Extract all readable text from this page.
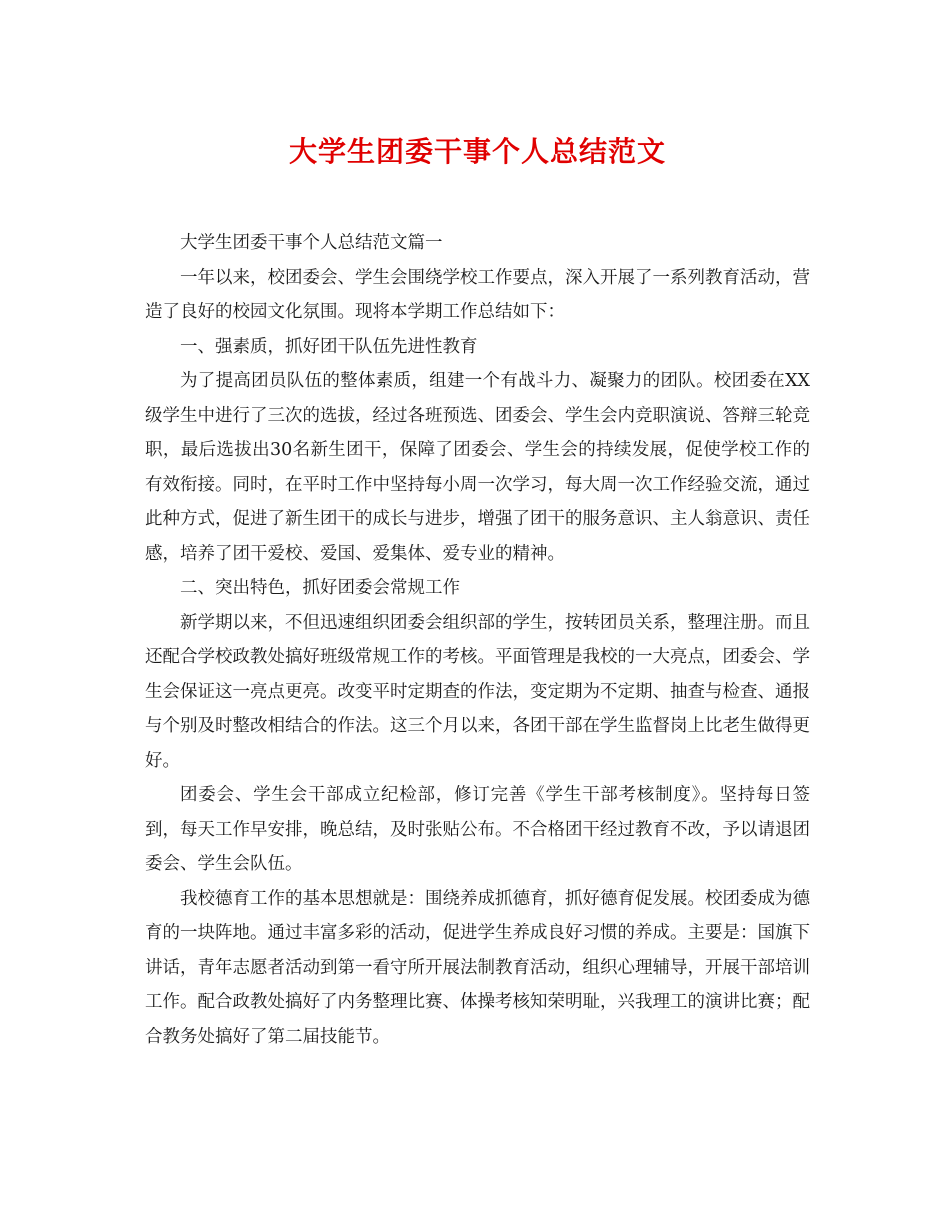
大学生团委干事个人总结范文

大学生团委干事个人总结范文篇一

一年以来，校团委会、学生会围绕学校工作要点，深入开展了一系列教育活动，营造了良好的校园文化氛围。现将本学期工作总结如下：

一、强素质，抓好团干队伍先进性教育

为了提高团员队伍的整体素质，组建一个有战斗力、凝聚力的团队。校团委在XX级学生中进行了三次的选拔，经过各班预选、团委会、学生会内竞职演说、答辩三轮竞职，最后选拔出30名新生团干，保障了团委会、学生会的持续发展，促使学校工作的有效衔接。同时，在平时工作中坚持每小周一次学习，每大周一次工作经验交流，通过此种方式，促进了新生团干的成长与进步，增强了团干的服务意识、主人翁意识、责任感，培养了团干爱校、爱国、爱集体、爱专业的精神。

二、突出特色，抓好团委会常规工作

新学期以来，不但迅速组织团委会组织部的学生，按转团员关系，整理注册。而且还配合学校政教处搞好班级常规工作的考核。平面管理是我校的一大亮点，团委会、学生会保证这一亮点更亮。改变平时定期查的作法，变定期为不定期、抽查与检查、通报与个别及时整改相结合的作法。这三个月以来，各团干部在学生监督岗上比老生做得更好。

团委会、学生会干部成立纪检部，修订完善《学生干部考核制度》。坚持每日签到，每天工作早安排，晚总结，及时张贴公布。不合格团干经过教育不改，予以请退团委会、学生会队伍。

我校德育工作的基本思想就是：围绕养成抓德育，抓好德育促发展。校团委成为德育的一块阵地。通过丰富多彩的活动，促进学生养成良好习惯的养成。主要是：国旗下讲话，青年志愿者活动到第一看守所开展法制教育活动，组织心理辅导，开展干部培训工作。配合政教处搞好了内务整理比赛、体操考核知荣明耻，兴我理工的演讲比赛；配合教务处搞好了第二届技能节。
